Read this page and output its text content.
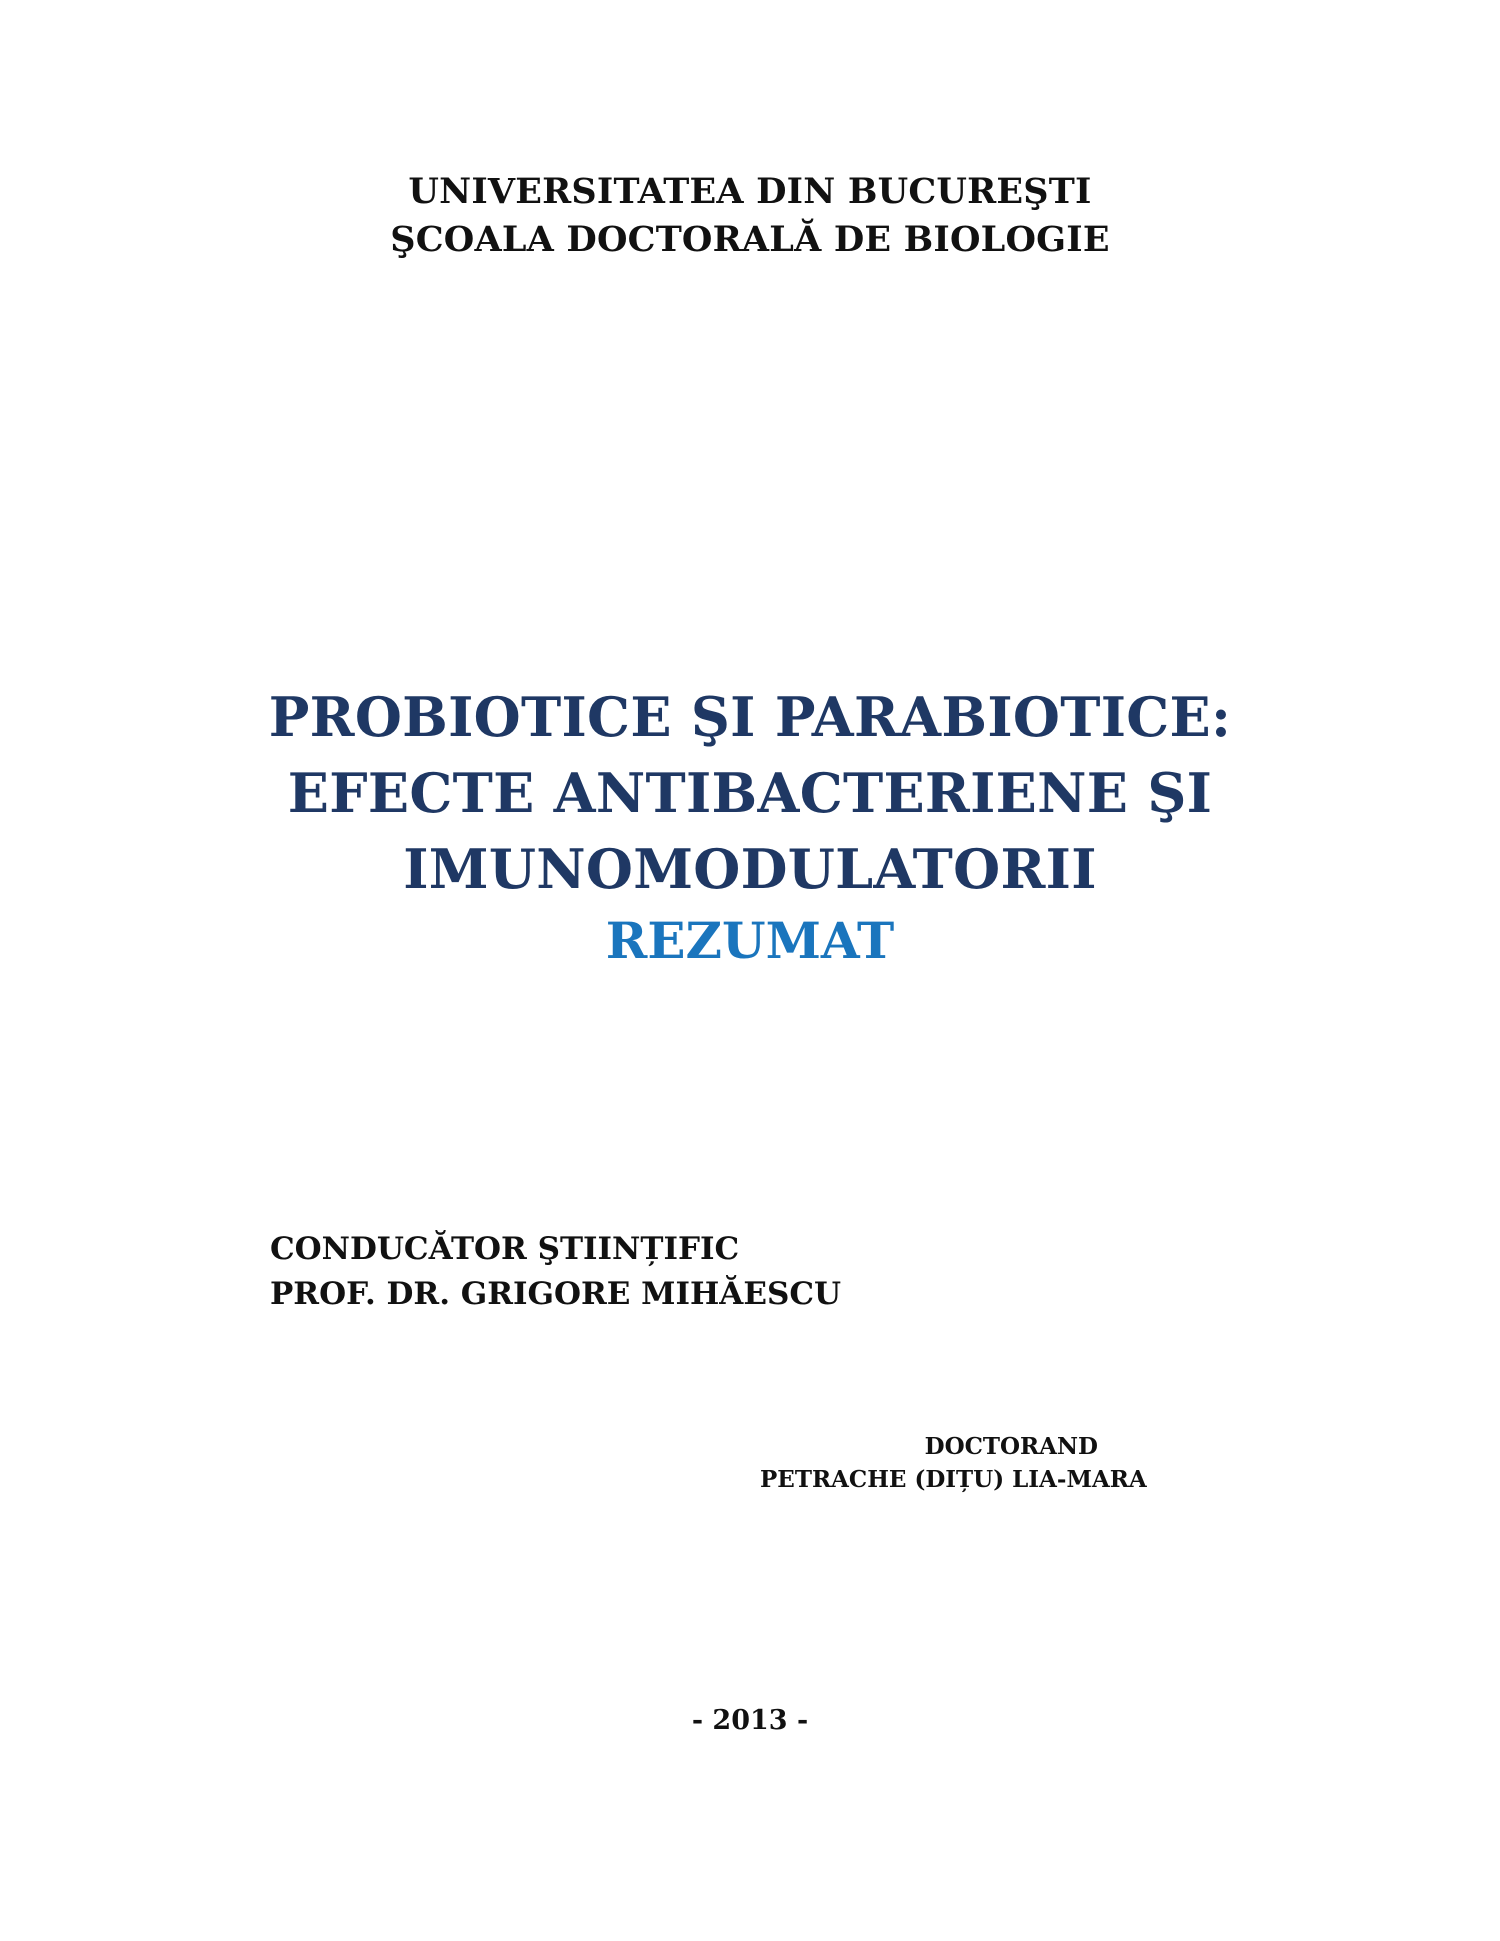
UNIVERSITATEA DIN BUCUREŞTI
ŞCOALA DOCTORALĂ DE BIOLOGIE
PROBIOTICE ŞI PARABIOTICE:
EFECTE ANTIBACTERIENE ŞI
IMUNOMODULATORII
REZUMAT
CONDUCĂTOR ŞTIINȚIFIC
PROF. DR. GRIGORE MIHĂESCU
DOCTORAND
PETRACHE (DIȚU) LIA-MARA
- 2013 -
